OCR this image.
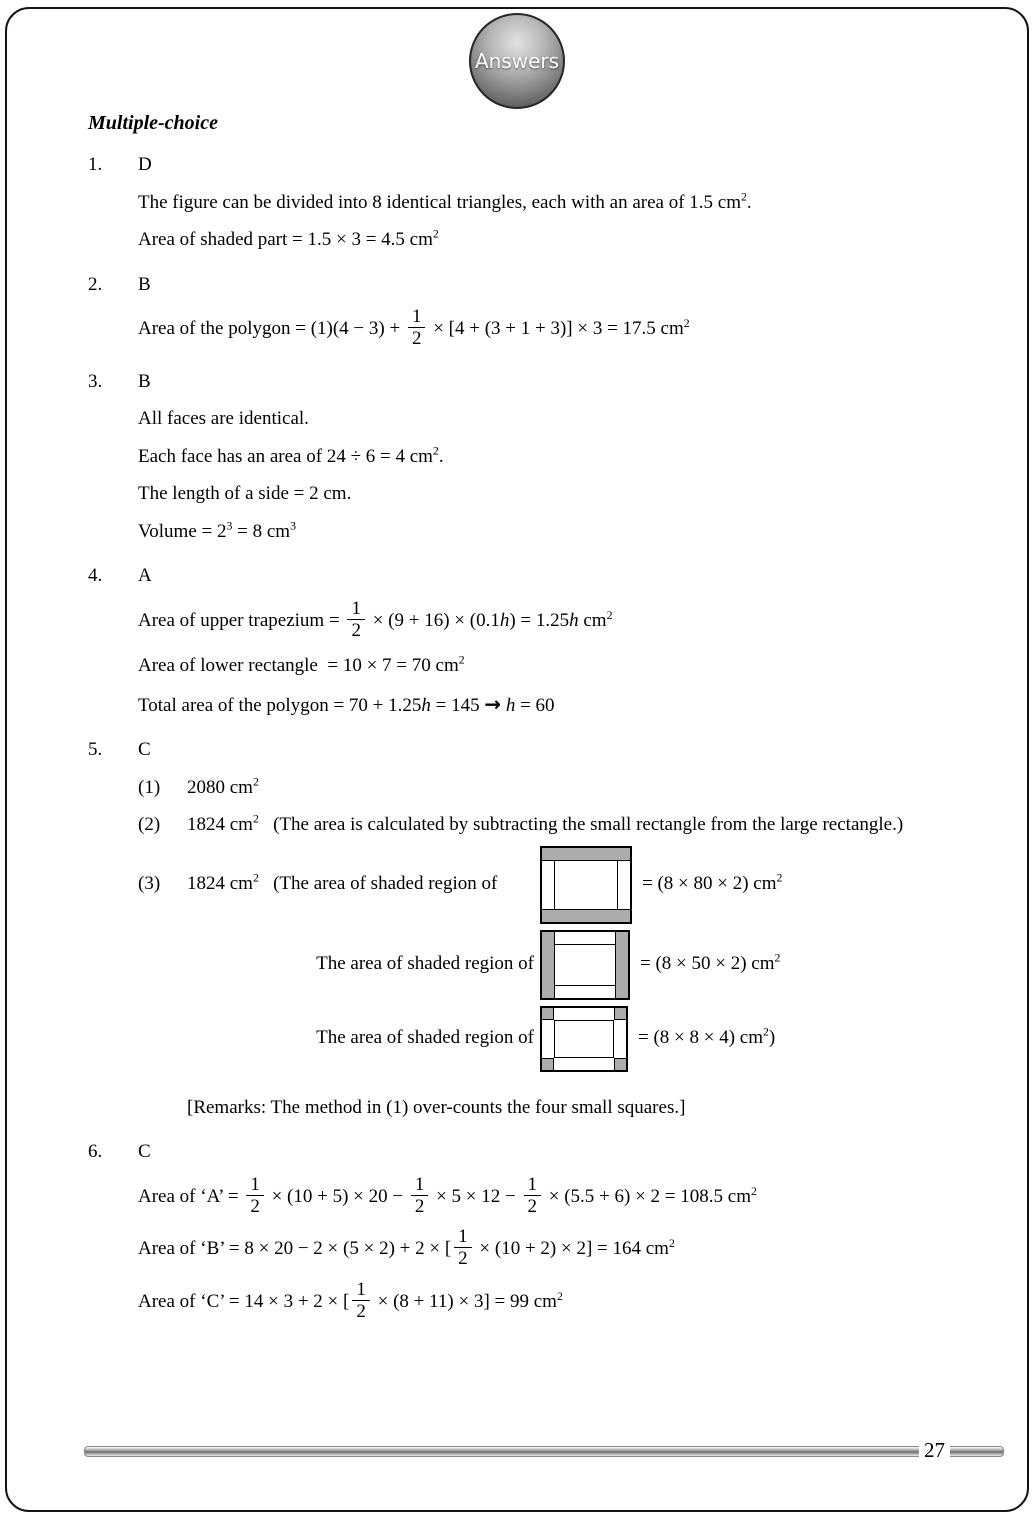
Answers
Multiple-choice
1.	D
The figure can be divided into 8 identical triangles, each with an area of 1.5 $cm^2$.
Area of shaded part = 1.5 × 3 = 4.5 $cm^2$
2.	B
Area of the polygon = $(1)(4 - 3) + \frac{1}{2} \times [4 + (3 + 1 + 3)] \times 3 = 17.5$ $cm^2$
3.	B
All faces are identical.
Each face has an area of 24 ÷ 6 = 4 $cm^2$.
The length of a side = 2 cm.
Volume = $2^3 = 8$ $cm^3$
4.	A
Area of upper trapezium = $\frac{1}{2} \times (9 + 16) \times (0.1h) = 1.25h$ $cm^2$
Area of lower rectangle  = 10 × 7 = 70 $cm^2$
Total area of the polygon = 70 + 1.25h = 145 → h = 60
5.	C
(1)	2080 $cm^2$
(2)	1824 $cm^2$   (The area is calculated by subtracting the small rectangle from the large rectangle.)
(3) 1824 $cm^2$   (The area of shaded region of	= (8 × 80 × 2) $cm^2$
The area of shaded region of	= (8 × 50 × 2) $cm^2$
The area of shaded region of	= (8 × 8 × 4) $cm^2$)
[Remarks: The method in (1) over-counts the four small squares.]
6.	C
Area of ‘A’ = $\frac{1}{2} \times (10 + 5) \times 20 - \frac{1}{2} \times 5 \times 12 - \frac{1}{2} \times (5.5 + 6) \times 2 = 108.5$ $cm^2$
Area of ‘B’ = 8 × 20 − 2 × (5 × 2) + 2 × [ $\frac{1}{2} \times (10 + 2) \times 2] = 164$ $cm^2$
Area of ‘C’ = 14 × 3 + 2 × [ $\frac{1}{2} \times (8 + 11) \times 3] = 99$ $cm^2$
27
